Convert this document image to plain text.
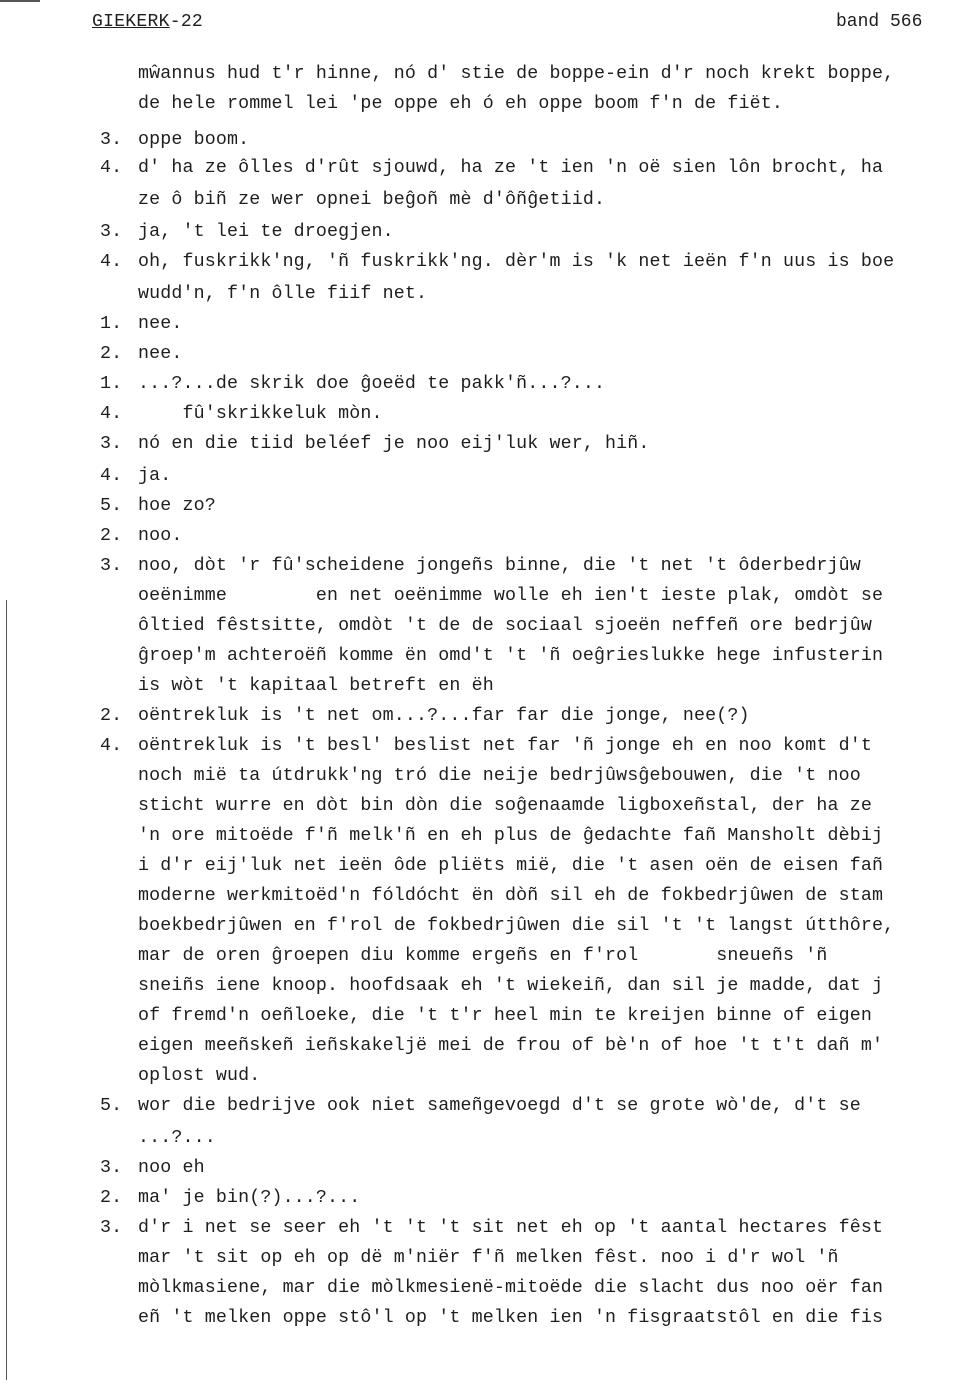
GIEKERK-22	band 566
mŵannus hud t'r hinne, nó d' stie de boppe-ein d'r noch krekt boppe,
de hele rommel lei 'pe oppe eh ó eh oppe boom f'n de fiët.
3. oppe boom.
4. d' ha ze ôlles d'rût sjouwd, ha ze 't ien 'n oë sien lôn brocht, ha
ze ô biñ ze wer opnei beĝoñ mè d'ôñĝetiid.
3. ja, 't lei te droegjen.
4. oh, fuskrikk'ng, 'ñ fuskrikk'ng. dèr'm is 'k net ieën f'n uus is boe
wudd'n, f'n ôlle fiif net.
1. nee.
2. nee.
1. ...?...de skrik doe ĝoeëd te pakk'ñ...?...
4. fû'skrikkeluk mòn.
3. nó en die tiid beléef je noo eij'luk wer, hiñ.
4. ja.
5. hoe zo?
2. noo.
3. noo, dòt 'r fû'scheidene jongeñs binne, die 't net 't ôderbedrjûw
oeënimme        en net oeënimme wolle eh ien't ieste plak, omdòt se
ôltied fêstsitte, omdòt 't de de sociaal sjoeën neffeñ ore bedrjûw
ĝroep'm achteroëñ komme ën omd't 't 'ñ oeĝrieslukke hege infusterin
is wòt 't kapitaal betreft en ëh
2. oëntrekluk is 't net om...?...far far die jonge, nee(?)
4. oëntrekluk is 't besl' beslist net far 'ñ jonge eh en noo komt d't
noch mië ta útdrukk'ng tró die neije bedrjûwsĝebouwen, die 't noo
sticht wurre en dòt bin dòn die soĝenaamde ligboxeñstal, der ha ze
'n ore mitoëde f'ñ melk'ñ en eh plus de ĝedachte fañ Mansholt dèbij
i d'r eij'luk net ieën ôde pliëts mië, die 't asen oën de eisen fañ
moderne werkmitoëd'n fóldócht ën dòñ sil eh de fokbedrjûwen de stam
boekbedrjûwen en f'rol de fokbedrjûwen die sil 't 't langst útthôre,
mar de oren ĝroepen diu komme ergeñs en f'rol       sneueñs 'ñ
sneiñs iene knoop. hoofdsaak eh 't wiekeiñ, dan sil je madde, dat j
of fremd'n oeñloeke, die 't t'r heel min te kreijen binne of eigen
eigen meeñskeñ ieñskakeljë mei de frou of bè'n of hoe 't t't dañ m'
oplost wud.
5. wor die bedrijve ook niet sameñgevoegd d't se grote wò'de, d't se
...?...
3. noo eh
2. ma' je bin(?)...?...
3. d'r i net se seer eh 't 't 't sit net eh op 't aantal hectares fêst
mar 't sit op eh op dë m'niër f'ñ melken fêst. noo i d'r wol 'ñ
mòlkmasiene, mar die mòlkmesienë-mitoëde die slacht dus noo oër fan
eñ 't melken oppe stô'l op 't melken ien 'n fisgraatstôl en die fis
